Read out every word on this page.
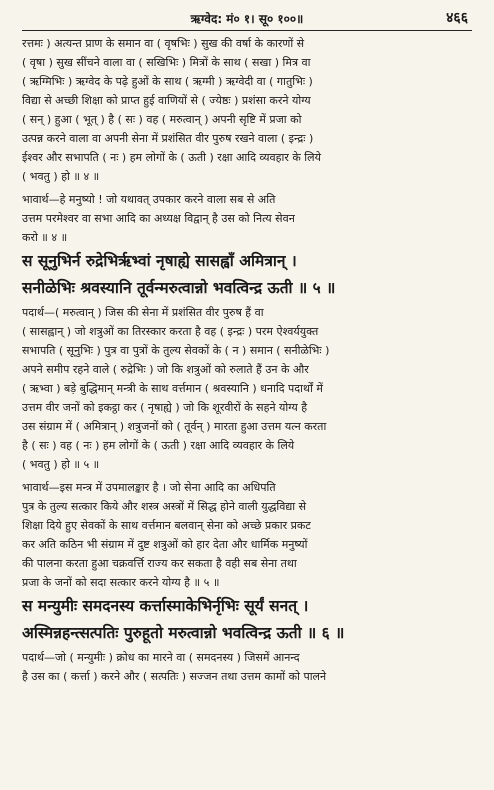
ऋग्वेद: मं० १। सू० १००॥	४६६

रत्तमः ) अत्यन्त प्राण के समान वा ( वृषभिः ) सुख की वर्षा के कारणों से

( वृषा ) सुख सींचने वाला वा ( सखिभिः ) मित्रों के साथ ( सखा ) मित्र वा

( ऋग्मिभिः ) ऋग्वेद के पढ़े हुओं के साथ ( ऋग्मी ) ऋग्वेदी वा ( गातुभिः )

विद्या से अच्छी शिक्षा को प्राप्त हुई वाणियों से ( ज्येष्ठः ) प्रशंसा करने योग्य

( सन् ) हुआ ( भूत् ) है ( सः ) वह ( मरुत्वान् ) अपनी सृष्टि में प्रजा को

उत्पन्न करने वाला वा अपनी सेना में प्रशंसित वीर पुरुष रखने वाला ( इन्द्रः )

ईश्वर और सभापति ( नः ) हम लोगों के ( ऊती ) रक्षा आदि व्यवहार के लिये

( भवतु ) हो ॥ ४ ॥

भावार्थ—हे मनुष्यो ! जो यथावत् उपकार करने वाला सब से अति

उत्तम परमेश्वर वा सभा आदि का अध्यक्ष विद्वान् है उस को नित्य सेवन

करो ॥ ४ ॥

स सूनुभिर्न रुद्रेभिर्ऋभ्वां नृषाह्ये सासह्वाँ अमित्रान् ।

सनीळेभिः श्रवस्यानि तूर्वन्मरुत्वान्नो भवत्विन्द्र ऊती ॥ ५ ॥

पदार्थ—( मरुत्वान् ) जिस की सेना में प्रशंसित वीर पुरुष हैं वा

( सासह्वान् ) जो शत्रुओं का तिरस्कार करता है वह ( इन्द्रः ) परम ऐश्वर्ययुक्त

सभापति ( सूनुभिः ) पुत्र वा पुत्रों के तुल्य सेवकों के ( न ) समान ( सनीळेभिः )

अपने समीप रहने वाले ( रुद्रेभिः ) जो कि शत्रुओं को रुलाते हैं उन के और

( ऋभ्वा ) बड़े बुद्धिमान् मन्त्री के साथ वर्त्तमान ( श्रवस्यानि ) धनादि पदार्थों में

उत्तम वीर जनों को इकट्ठा कर ( नृषाह्ये ) जो कि शूरवीरों के सहने योग्य है

उस संग्राम में ( अमित्रान् ) शत्रुजनों को ( तूर्वन् ) मारता हुआ उत्तम यत्न करता

है ( सः ) वह ( नः ) हम लोगों के ( ऊती ) रक्षा आदि व्यवहार के लिये

( भवतु ) हो ॥ ५ ॥

भावार्थ—इस मन्त्र में उपमालङ्कार है । जो सेना आदि का अधिपति

पुत्र के तुल्य सत्कार किये और शस्त्र अस्त्रों में सिद्ध होने वाली युद्धविद्या से

शिक्षा दिये हुए सेवकों के साथ वर्त्तमान बलवान् सेना को अच्छे प्रकार प्रकट

कर अति कठिन भी संग्राम में दुष्ट शत्रुओं को हार देता और धार्मिक मनुष्यों

की पालना करता हुआ चक्रवर्त्ति राज्य कर सकता है वही सब सेना तथा

प्रजा के जनों को सदा सत्कार करने योग्य है ॥ ५ ॥

स मन्युमीः समदनस्य कर्त्तास्माकेभिर्नृभिः सूर्यं सनत् ।

अस्मिन्नहन्त्सत्पतिः पुरुहूतो मरुत्वान्नो भवत्विन्द्र ऊती ॥ ६ ॥

पदार्थ—जो ( मन्युमीः ) क्रोध का मारने वा ( समदनस्य ) जिसमें आनन्द

है उस का ( कर्त्ता ) करने और ( सत्पतिः ) सज्जन तथा उत्तम कामों को पालने
